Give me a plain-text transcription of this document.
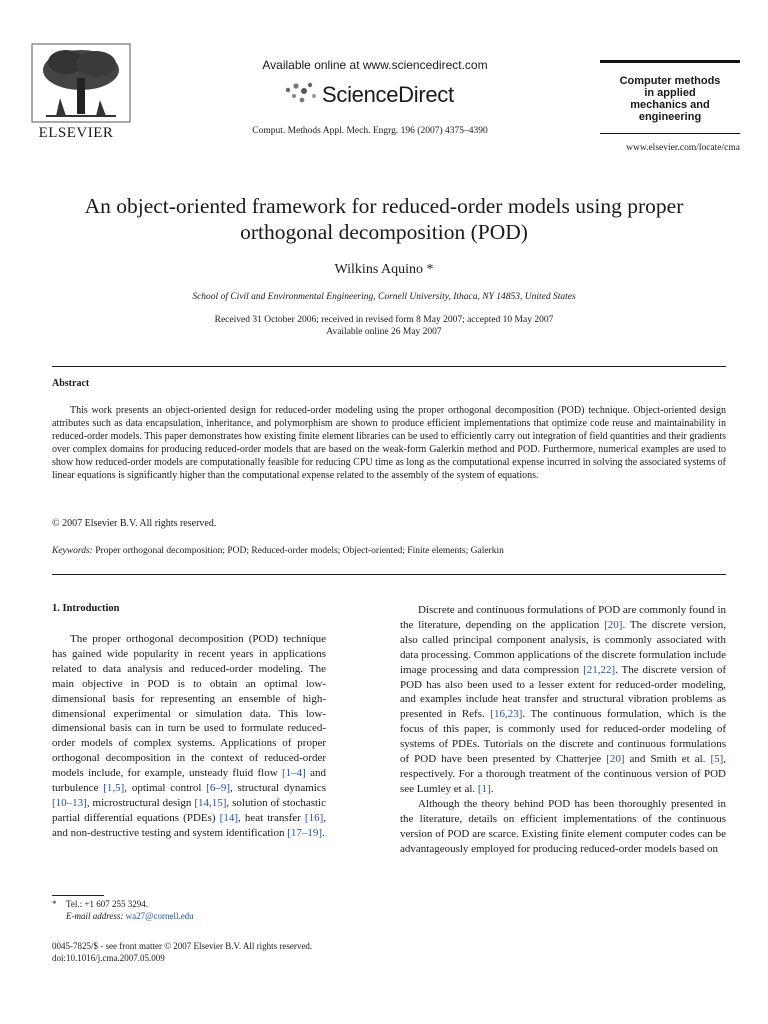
ELSEVIER
Available online at www.sciencedirect.com
ScienceDirect
Comput. Methods Appl. Mech. Engrg. 196 (2007) 4375–4390
Computer methods
in applied
mechanics and
engineering
www.elsevier.com/locate/cma
An object-oriented framework for reduced-order models using proper orthogonal decomposition (POD)
Wilkins Aquino *
School of Civil and Environmental Engineering, Cornell University, Ithaca, NY 14853, United States
Received 31 October 2006; received in revised form 8 May 2007; accepted 10 May 2007
Available online 26 May 2007
Abstract

This work presents an object-oriented design for reduced-order modeling using the proper orthogonal decomposition (POD) technique. Object-oriented design attributes such as data encapsulation, inheritance, and polymorphism are shown to produce efficient implementations that optimize code reuse and maintainability in reduced-order models. This paper demonstrates how existing finite element libraries can be used to efficiently carry out integration of field quantities and their gradients over complex domains for producing reduced-order models that are based on the weak-form Galerkin method and POD. Furthermore, numerical examples are used to show how reduced-order models are computationally feasible for reducing CPU time as long as the computational expense incurred in solving the associated systems of linear equations is significantly higher than the computational expense related to the assembly of the system of equations.

© 2007 Elsevier B.V. All rights reserved.
Keywords: Proper orthogonal decomposition; POD; Reduced-order models; Object-oriented; Finite elements; Galerkin
1. Introduction

The proper orthogonal decomposition (POD) technique has gained wide popularity in recent years in applications related to data analysis and reduced-order modeling. The main objective in POD is to obtain an optimal low-dimensional basis for representing an ensemble of high-dimensional experimental or simulation data. This low-dimensional basis can in turn be used to formulate reduced-order models of complex systems. Applications of proper orthogonal decomposition in the context of reduced-order models include, for example, unsteady fluid flow [1–4] and turbulence [1,5], optimal control [6–9], structural dynamics [10–13], microstructural design [14,15], solution of stochastic partial differential equations (PDEs) [14], heat transfer [16], and non-destructive testing and system identification [17–19].

Discrete and continuous formulations of POD are commonly found in the literature, depending on the application [20]. The discrete version, also called principal component analysis, is commonly associated with data processing. Common applications of the discrete formulation include image processing and data compression [21,22]. The discrete version of POD has also been used to a lesser extent for reduced-order modeling, and examples include heat transfer and structural vibration problems as presented in Refs. [16,23]. The continuous formulation, which is the focus of this paper, is commonly used for reduced-order modeling of systems of PDEs. Tutorials on the discrete and continuous formulations of POD have been presented by Chatterjee [20] and Smith et al. [5], respectively. For a thorough treatment of the continuous version of POD see Lumley et al. [1].

Although the theory behind POD has been thoroughly presented in the literature, details on efficient implementations of the continuous version of POD are scarce. Existing finite element computer codes can be advantageously employed for producing reduced-order models based on

* Tel.: +1 607 255 3294.
E-mail address: wa27@cornell.edu
0045-7825/$ - see front matter © 2007 Elsevier B.V. All rights reserved.
doi:10.1016/j.cma.2007.05.009
